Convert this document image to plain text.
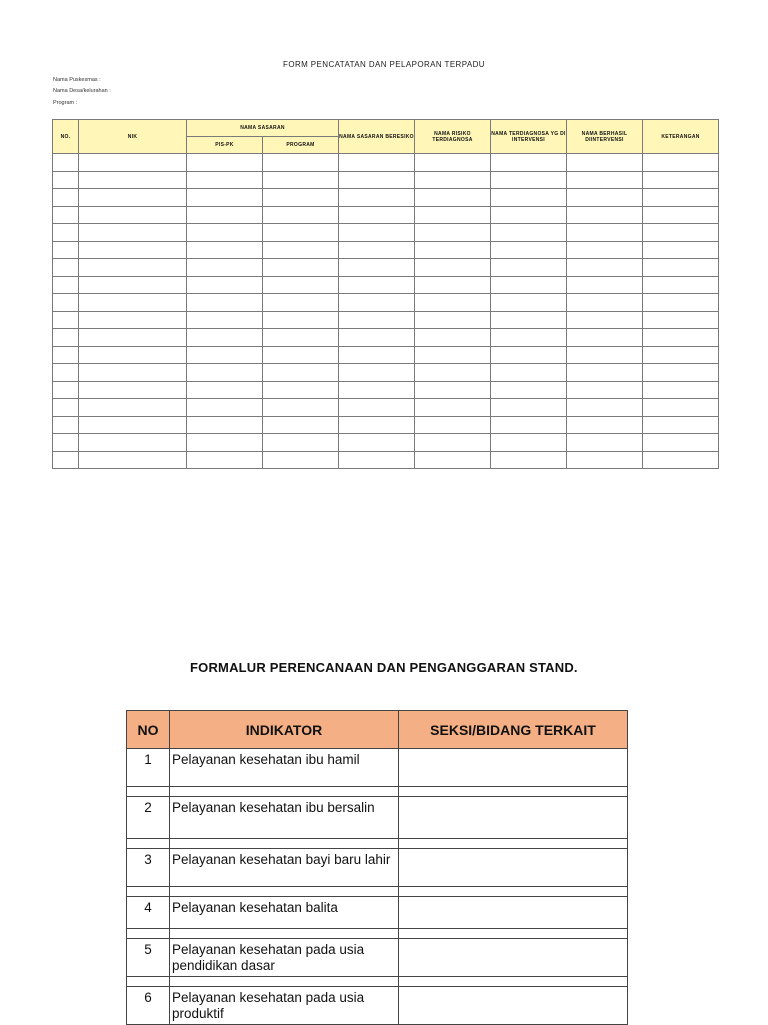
FORM PENCATATAN DAN PELAPORAN TERPADU
Nama Puskesmas :
Nama Desa/kelurahan :
Program :
NO.	NIK	NAMA SASARAN		NAMA SASARAN BERESIKO	NAMA RISIKO TERDIAGNOSA	NAMA TERDIAGNOSA YG DI INTERVENSI	NAMA BERHASIL DIINTERVENSI	KETERANGAN
		PIS-PK	PROGRAM					

FORMALUR PERENCANAAN DAN PENGANGGARAN STAND.
NO	INDIKATOR	SEKSI/BIDANG TERKAIT
1	Pelayanan kesehatan ibu hamil	

2	Pelayanan kesehatan ibu bersalin	

3	Pelayanan kesehatan bayi baru lahir	

4	Pelayanan kesehatan balita	

5	Pelayanan kesehatan pada usia pendidikan dasar	

6	Pelayanan kesehatan pada usia produktif	
